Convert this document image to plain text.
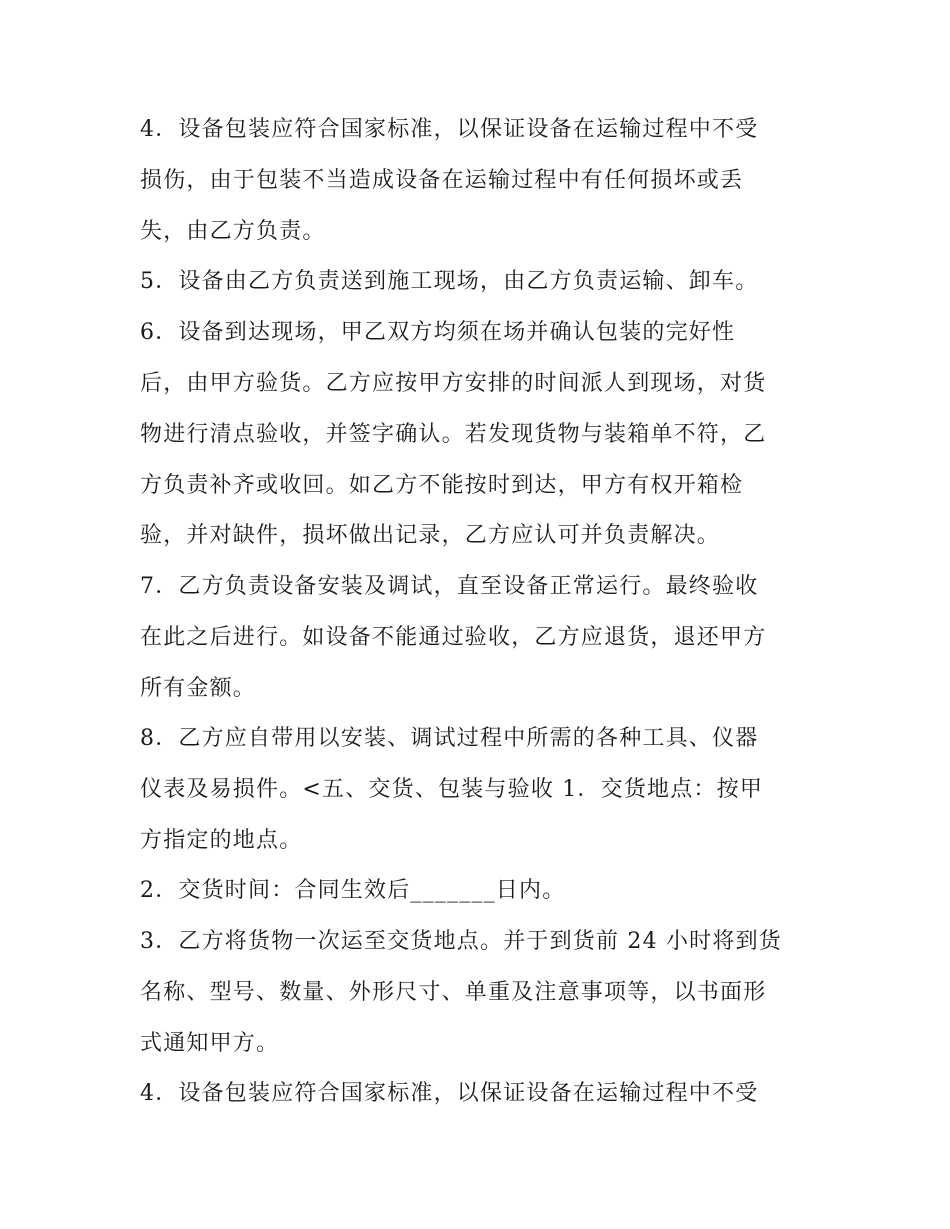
4．设备包装应符合国家标准，以保证设备在运输过程中不受
损伤，由于包装不当造成设备在运输过程中有任何损坏或丢
失，由乙方负责。
5．设备由乙方负责送到施工现场，由乙方负责运输、卸车。
6．设备到达现场，甲乙双方均须在场并确认包装的完好性
后，由甲方验货。乙方应按甲方安排的时间派人到现场，对货
物进行清点验收，并签字确认。若发现货物与装箱单不符，乙
方负责补齐或收回。如乙方不能按时到达，甲方有权开箱检
验，并对缺件，损坏做出记录，乙方应认可并负责解决。
7．乙方负责设备安装及调试，直至设备正常运行。最终验收
在此之后进行。如设备不能通过验收，乙方应退货，退还甲方
所有金额。
8．乙方应自带用以安装、调试过程中所需的各种工具、仪器
仪表及易损件。<五、交货、包装与验收 1．交货地点：按甲
方指定的地点。
2．交货时间：合同生效后_______日内。
3．乙方将货物一次运至交货地点。并于到货前 24 小时将到货
名称、型号、数量、外形尺寸、单重及注意事项等，以书面形
式通知甲方。
4．设备包装应符合国家标准，以保证设备在运输过程中不受
